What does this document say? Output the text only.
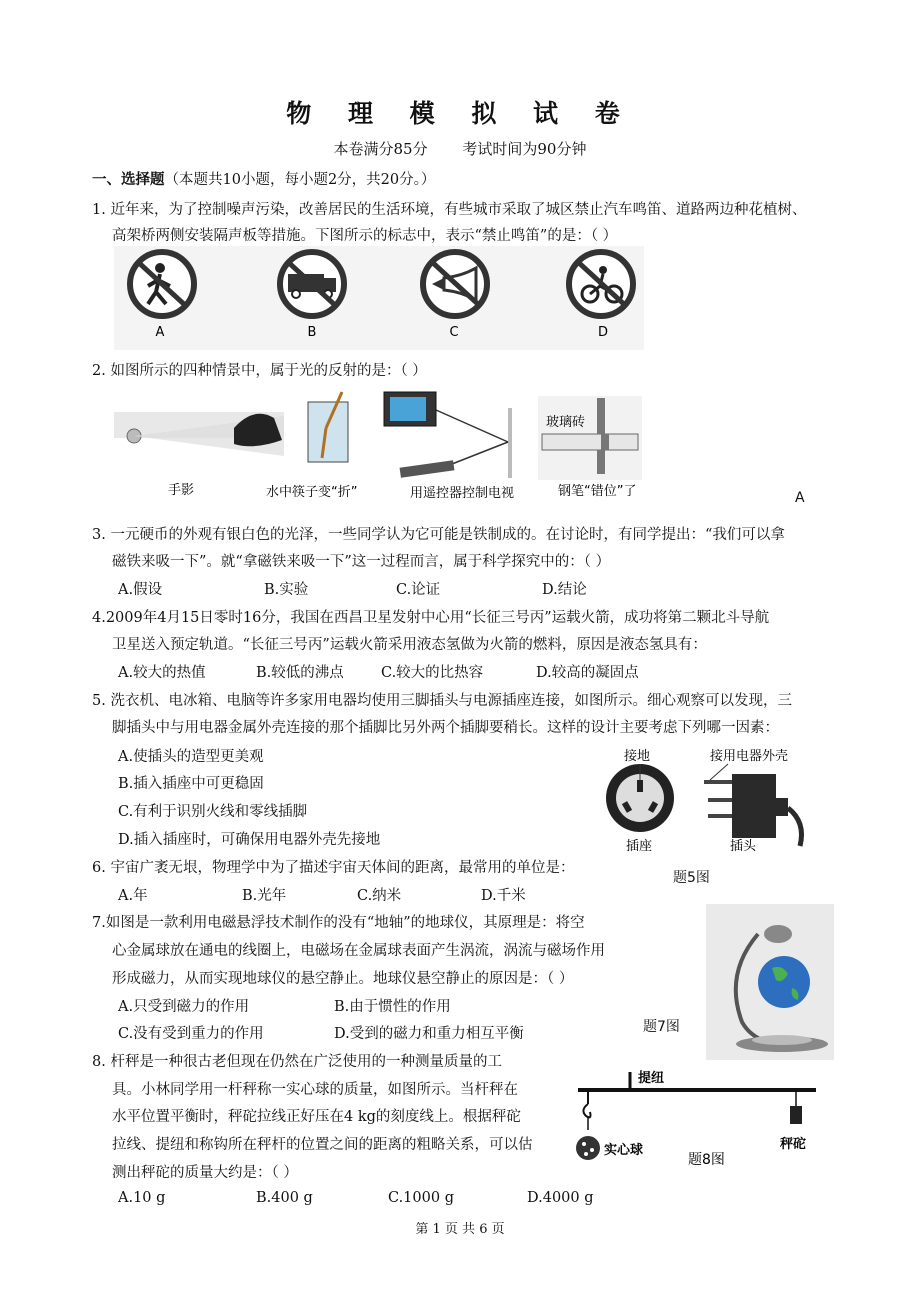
物 理 模 拟 试 卷
本卷满分85分 考试时间为90分钟
一、选择题（本题共10小题，每小题2分，共20分。）
1. 近年来，为了控制噪声污染，改善居民的生活环境，有些城市采取了城区禁止汽车鸣笛、道路两边种花植树、
高架桥两侧安装隔声板等措施。下图所示的标志中，表示“禁止鸣笛”的是：（ ）
A	B	C	D
2. 如图所示的四种情景中，属于光的反射的是：（ ）
玻璃砖
手影	水中筷子变“折”	用遥控器控制电视	钢笔“错位”了	A
3. 一元硬币的外观有银白色的光泽，一些同学认为它可能是铁制成的。在讨论时，有同学提出：“我们可以拿
磁铁来吸一下”。就“拿磁铁来吸一下”这一过程而言，属于科学探究中的：（ ）
A.假设	B.实验	C.论证	D.结论
4.2009年4月15日零时16分，我国在西昌卫星发射中心用“长征三号丙”运载火箭，成功将第二颗北斗导航
卫星送入预定轨道。“长征三号丙”运载火箭采用液态氢做为火箭的燃料，原因是液态氢具有：
A.较大的热值	B.较低的沸点	C.较大的比热容	D.较高的凝固点
5. 洗衣机、电冰箱、电脑等许多家用电器均使用三脚插头与电源插座连接，如图所示。细心观察可以发现，三
脚插头中与用电器金属外壳连接的那个插脚比另外两个插脚要稍长。这样的设计主要考虑下列哪一因素：
A.使插头的造型更美观
B.插入插座中可更稳固
C.有利于识别火线和零线插脚
D.插入插座时，可确保用电器外壳先接地
接地	接用电器外壳
插座	插头
6. 宇宙广袤无垠，物理学中为了描述宇宙天体间的距离，最常用的单位是：
题5图
A.年	B.光年	C.纳米	D.千米
7.如图是一款利用电磁悬浮技术制作的没有“地轴”的地球仪，其原理是：将空
心金属球放在通电的线圈上，电磁场在金属球表面产生涡流，涡流与磁场作用
形成磁力，从而实现地球仪的悬空静止。地球仪悬空静止的原因是：（ ）
A.只受到磁力的作用	B.由于惯性的作用
C.没有受到重力的作用	D.受到的磁力和重力相互平衡	题7图
8. 杆秤是一种很古老但现在仍然在广泛使用的一种测量质量的工
具。小林同学用一杆秤称一实心球的质量，如图所示。当杆秤在
水平位置平衡时，秤砣拉线正好压在4 kg的刻度线上。根据秤砣
拉线、提纽和称钩所在秤杆的位置之间的距离的粗略关系，可以估
测出秤砣的质量大约是：（ ）
A.10 g	B.400 g	C.1000 g	D.4000 g
提纽
实心球	秤砣
题8图
第 1 页 共 6 页
